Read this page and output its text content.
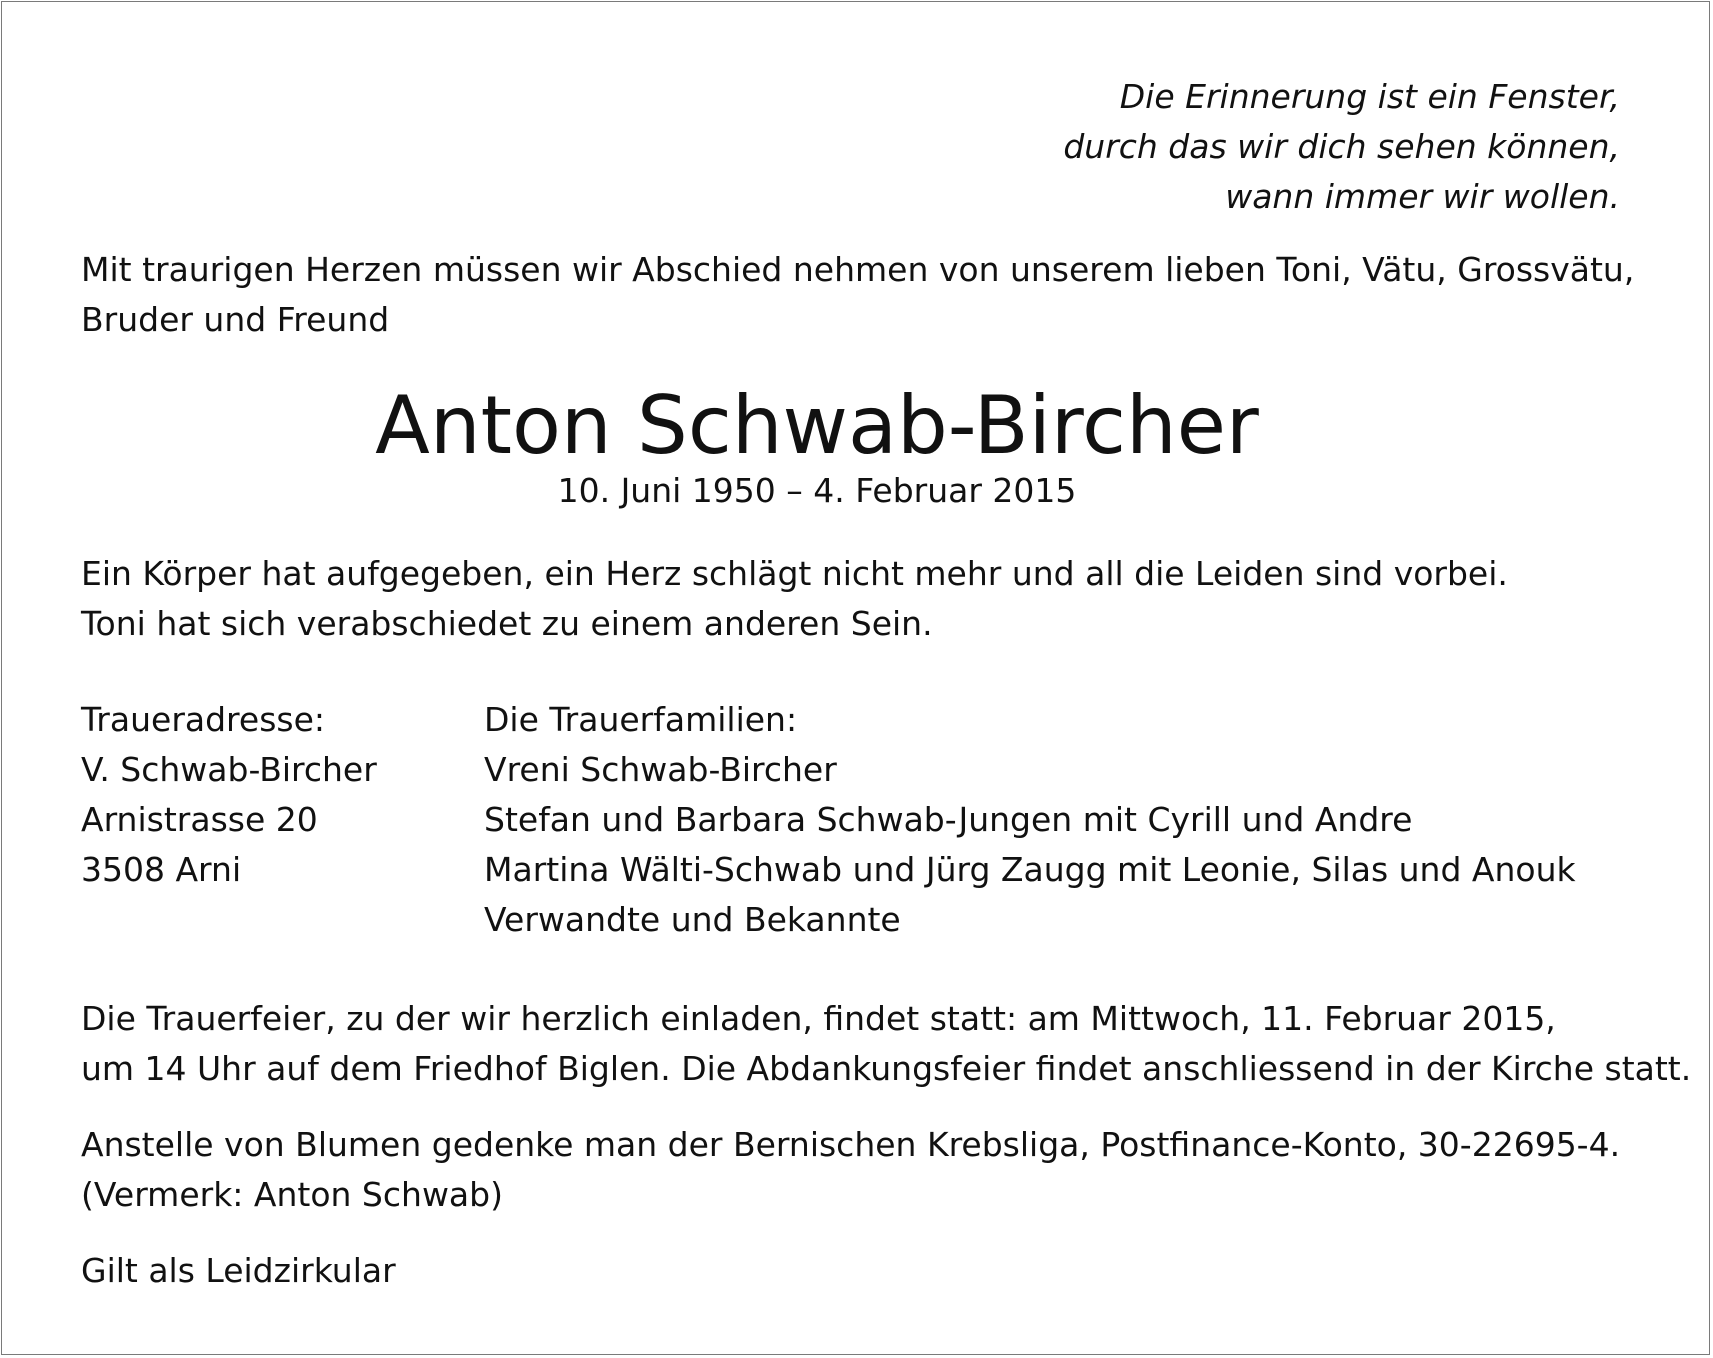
Die Erinnerung ist ein Fenster,
durch das wir dich sehen können,
wann immer wir wollen.
Mit traurigen Herzen müssen wir Abschied nehmen von unserem lieben Toni, Vätu, Grossvätu,
Bruder und Freund
Anton Schwab-Bircher
10. Juni 1950 – 4. Februar 2015
Ein Körper hat aufgegeben, ein Herz schlägt nicht mehr und all die Leiden sind vorbei.
Toni hat sich verabschiedet zu einem anderen Sein.
Traueradresse:
V. Schwab-Bircher
Arnistrasse 20
3508 Arni
Die Trauerfamilien:
Vreni Schwab-Bircher
Stefan und Barbara Schwab-Jungen mit Cyrill und Andre
Martina Wälti-Schwab und Jürg Zaugg mit Leonie, Silas und Anouk
Verwandte und Bekannte
Die Trauerfeier, zu der wir herzlich einladen, findet statt: am Mittwoch, 11. Februar 2015,
um 14 Uhr auf dem Friedhof Biglen. Die Abdankungsfeier findet anschliessend in der Kirche statt.
Anstelle von Blumen gedenke man der Bernischen Krebsliga, Postfinance-Konto, 30-22695-4.
(Vermerk: Anton Schwab)
Gilt als Leidzirkular
